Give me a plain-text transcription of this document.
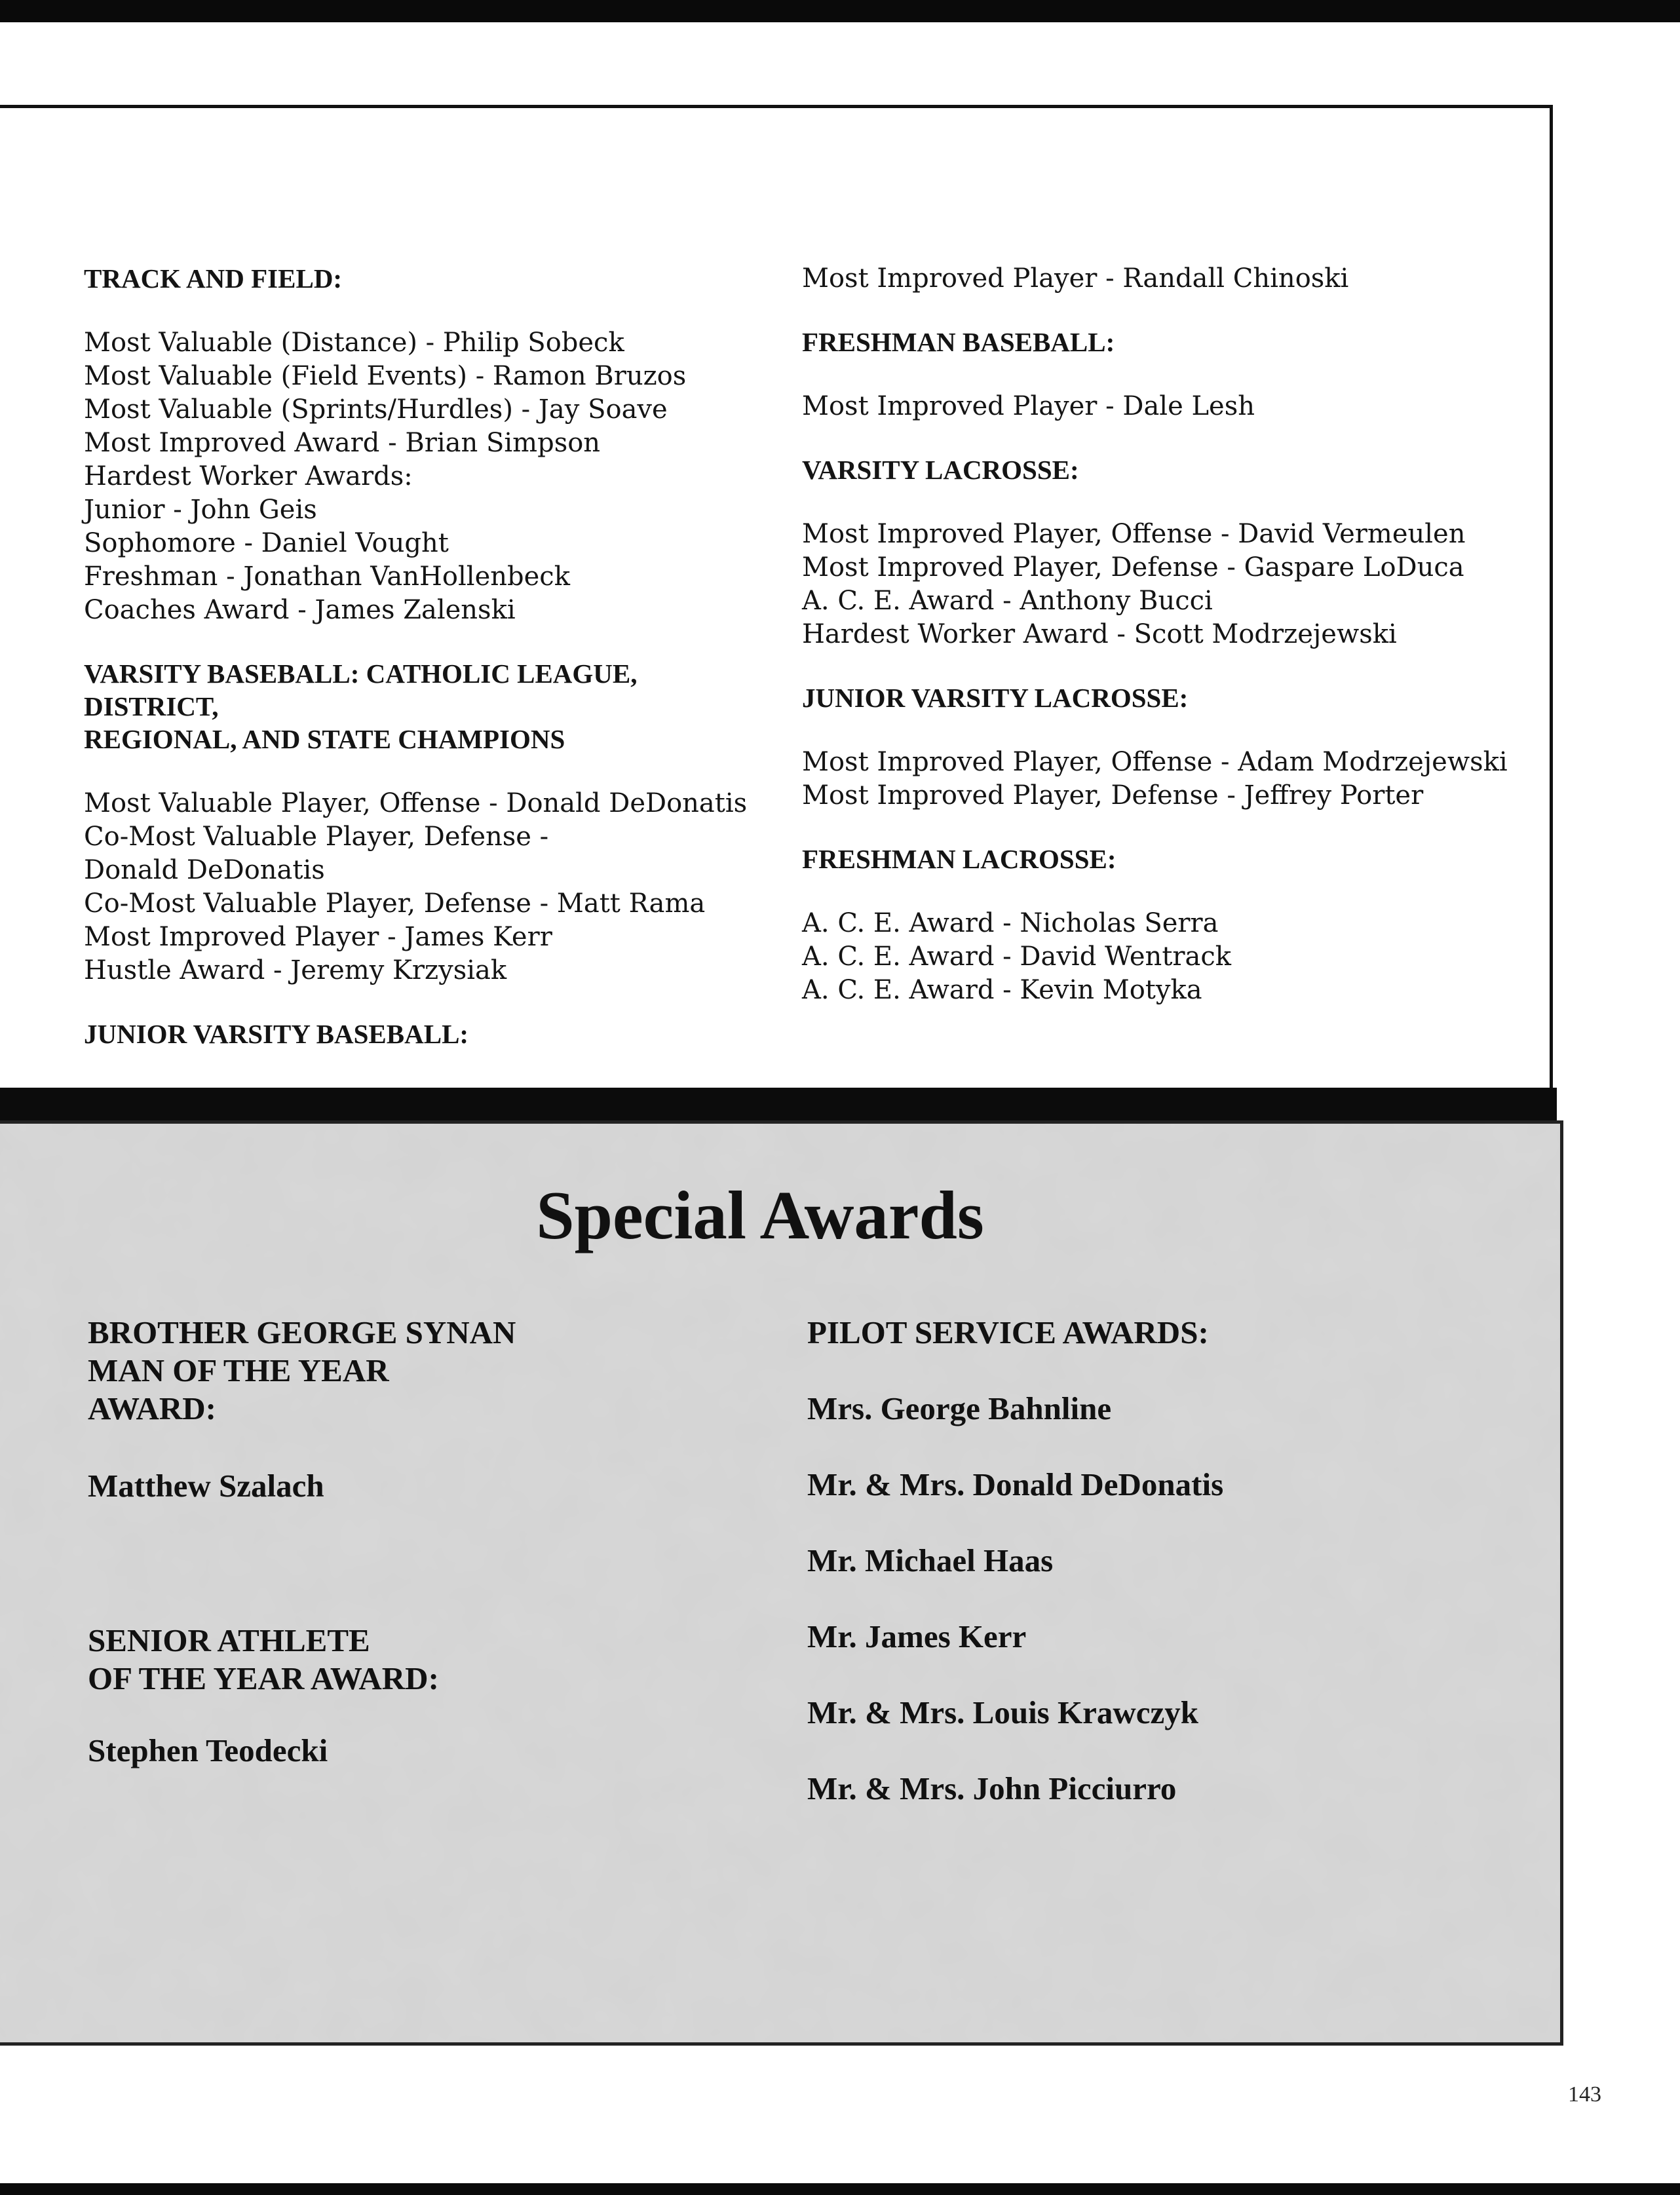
TRACK AND FIELD:
Most Valuable (Distance) - Philip Sobeck
Most Valuable (Field Events) - Ramon Bruzos
Most Valuable (Sprints/Hurdles) - Jay Soave
Most Improved Award - Brian Simpson
Hardest Worker Awards:
Junior - John Geis
Sophomore - Daniel Vought
Freshman - Jonathan VanHollenbeck
Coaches Award - James Zalenski
VARSITY BASEBALL: CATHOLIC LEAGUE,
DISTRICT,
REGIONAL, AND STATE CHAMPIONS
Most Valuable Player, Offense - Donald DeDonatis
Co-Most Valuable Player, Defense -
Donald DeDonatis
Co-Most Valuable Player, Defense - Matt Rama
Most Improved Player - James Kerr
Hustle Award - Jeremy Krzysiak
JUNIOR VARSITY BASEBALL:
Most Improved Player - Randall Chinoski
FRESHMAN BASEBALL:
Most Improved Player - Dale Lesh
VARSITY LACROSSE:
Most Improved Player, Offense - David Vermeulen
Most Improved Player, Defense - Gaspare LoDuca
A. C. E. Award - Anthony Bucci
Hardest Worker Award - Scott Modrzejewski
JUNIOR VARSITY LACROSSE:
Most Improved Player, Offense - Adam Modrzejewski
Most Improved Player, Defense - Jeffrey Porter
FRESHMAN LACROSSE:
A. C. E. Award - Nicholas Serra
A. C. E. Award - David Wentrack
A. C. E. Award - Kevin Motyka
Special Awards
BROTHER GEORGE SYNAN
MAN OF THE YEAR
AWARD:
Matthew Szalach
SENIOR ATHLETE
OF THE YEAR AWARD:
Stephen Teodecki
PILOT SERVICE AWARDS:
Mrs. George Bahnline
Mr. & Mrs. Donald DeDonatis
Mr. Michael Haas
Mr. James Kerr
Mr. & Mrs. Louis Krawczyk
Mr. & Mrs. John Picciurro
143
